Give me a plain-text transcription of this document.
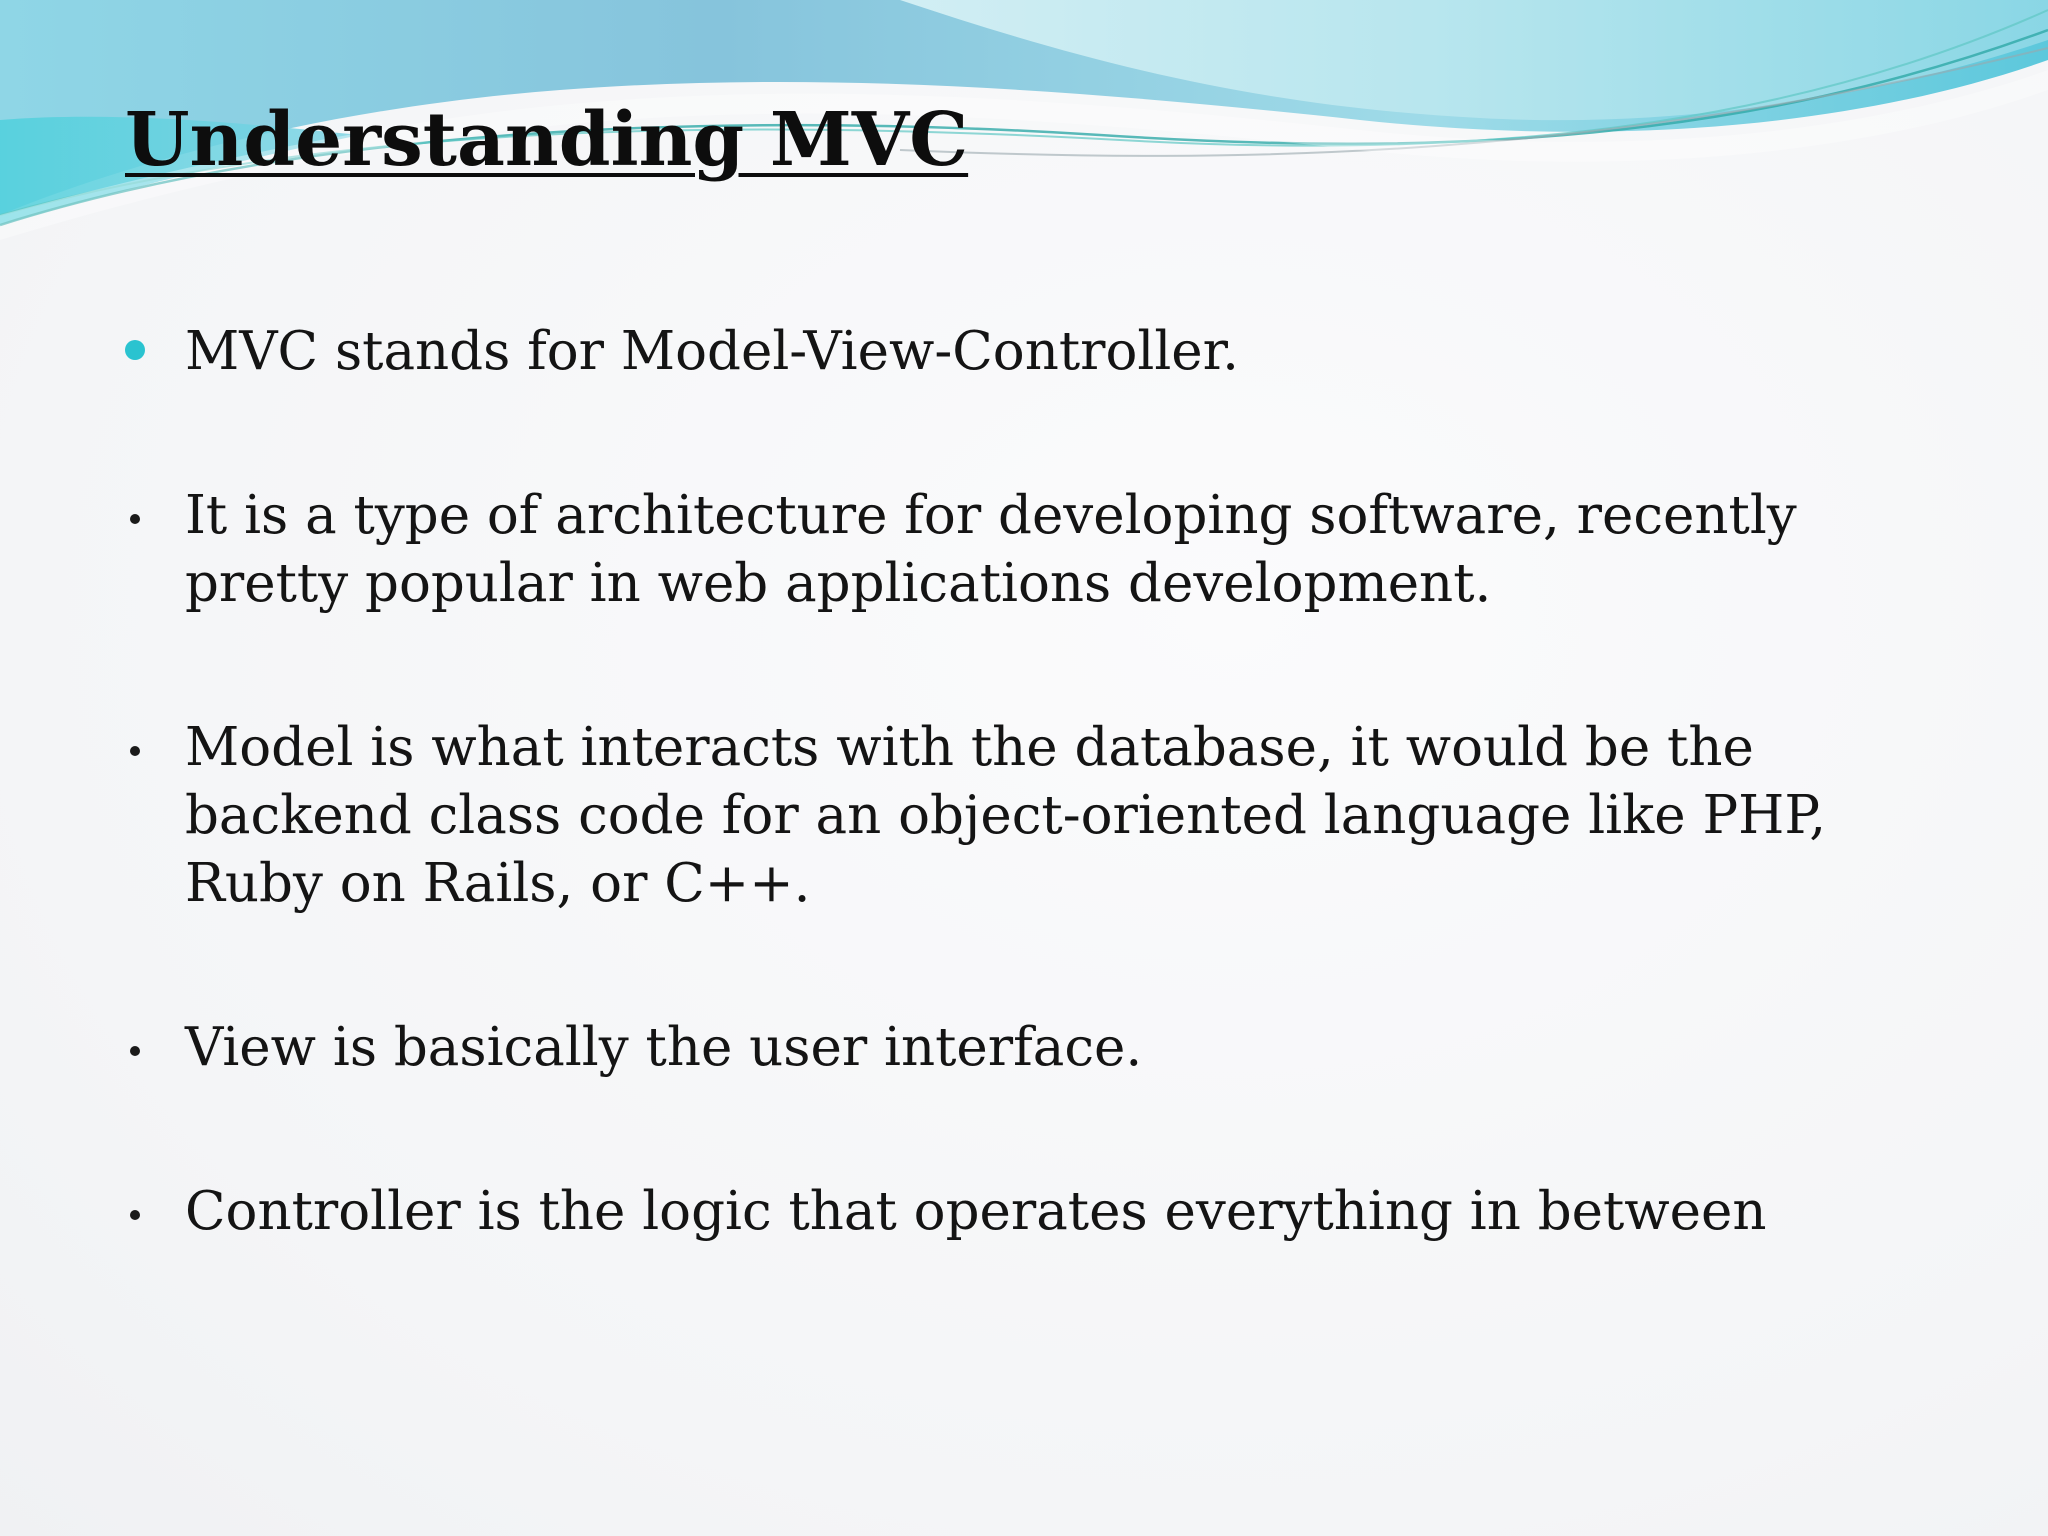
Understanding MVC
MVC stands for Model-View-Controller.
It is a type of architecture for developing software, recently pretty popular in web applications development.
Model is what interacts with the database, it would be the backend class code for an object-oriented language like PHP, Ruby on Rails, or C++.
View is basically the user interface.
Controller is the logic that operates everything in between
